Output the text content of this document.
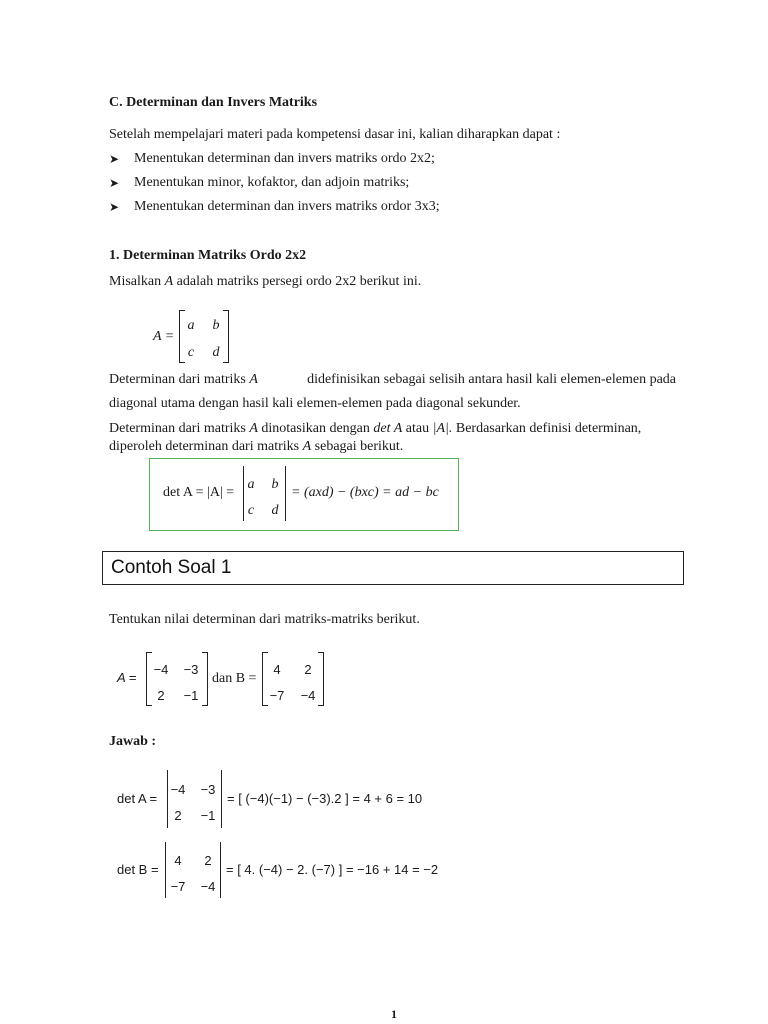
C. Determinan dan Invers Matriks
Setelah mempelajari materi pada kompetensi dasar ini, kalian diharapkan dapat :
➤ Menentukan determinan dan invers matriks ordo 2x2;
➤ Menentukan minor, kofaktor, dan adjoin matriks;
➤ Menentukan determinan dan invers matriks ordor 3x3;
1. Determinan Matriks Ordo 2x2
Misalkan A adalah matriks persegi ordo 2x2 berikut ini.
A =
a	b
c	d
Determinan dari matriks A	didefinisikan sebagai selisih antara hasil kali elemen-elemen pada
diagonal utama dengan hasil kali elemen-elemen pada diagonal sekunder.
Determinan dari matriks A dinotasikan dengan det A atau |A|. Berdasarkan definisi determinan,
diperoleh determinan dari matriks A sebagai berikut.
det A = |A| =
a	b
c	d
= (axd) − (bxc) = ad − bc
Contoh Soal 1
Tentukan nilai determinan dari matriks-matriks berikut.
A =
−4	−3
2	−1
dan B =
4	2
−7	−4
Jawab :
det A =
−4	−3
2	−1
= [ (−4)(−1) − (−3).2 ] = 4 + 6 = 10
det B =
4	2
−7	−4
= [ 4. (−4) − 2. (−7) ] = −16 + 14 = −2
1
